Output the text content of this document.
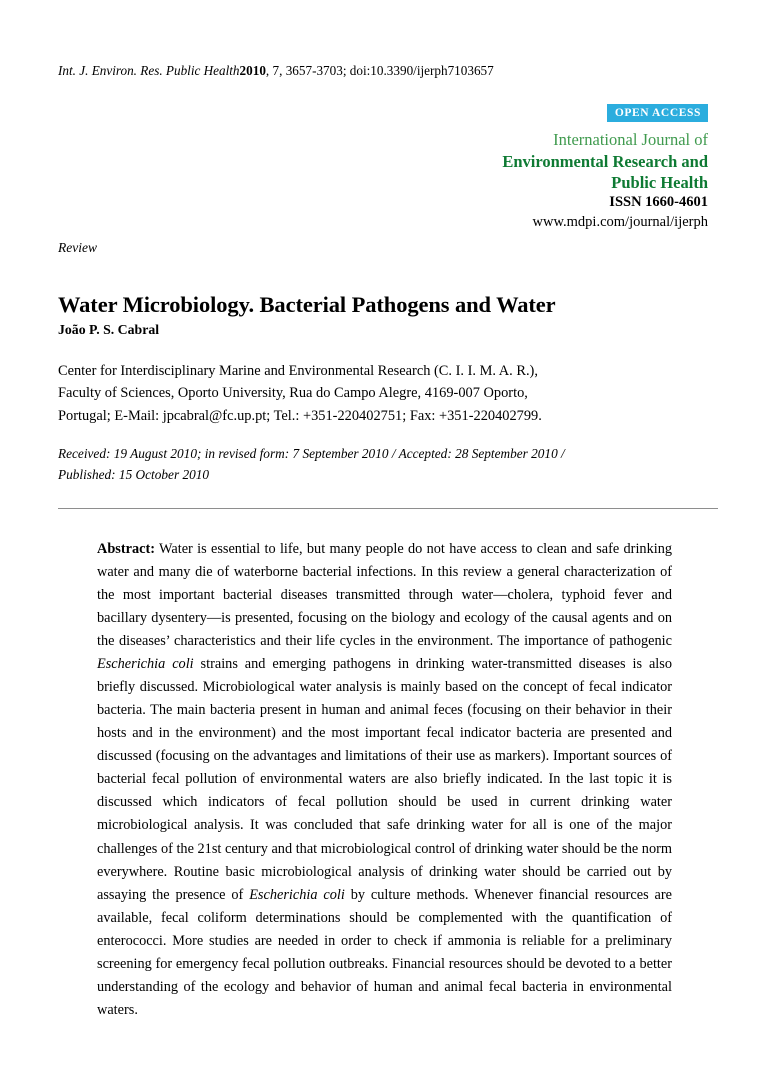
Int. J. Environ. Res. Public Health2010, 7, 3657-3703; doi:10.3390/ijerph7103657
OPEN ACCESS
International Journal of
Environmental Research and
Public Health
ISSN 1660-4601
www.mdpi.com/journal/ijerph
Review
Water Microbiology. Bacterial Pathogens and Water
João P. S. Cabral
Center for Interdisciplinary Marine and Environmental Research (C. I. I. M. A. R.),
Faculty of Sciences, Oporto University, Rua do Campo Alegre, 4169-007 Oporto,
Portugal; E-Mail: jpcabral@fc.up.pt; Tel.: +351-220402751; Fax: +351-220402799.
Received: 19 August 2010; in revised form: 7 September 2010 / Accepted: 28 September 2010 /
Published: 15 October 2010

Abstract: Water is essential to life, but many people do not have access to clean and safe drinking water and many die of waterborne bacterial infections. In this review a general characterization of the most important bacterial diseases transmitted through water—cholera, typhoid fever and bacillary dysentery—is presented, focusing on the biology and ecology of the causal agents and on the diseases’ characteristics and their life cycles in the environment. The importance of pathogenic Escherichia coli strains and emerging pathogens in drinking water-transmitted diseases is also briefly discussed. Microbiological water analysis is mainly based on the concept of fecal indicator bacteria. The main bacteria present in human and animal feces (focusing on their behavior in their hosts and in the environment) and the most important fecal indicator bacteria are presented and discussed (focusing on the advantages and limitations of their use as markers). Important sources of bacterial fecal pollution of environmental waters are also briefly indicated. In the last topic it is discussed which indicators of fecal pollution should be used in current drinking water microbiological analysis. It was concluded that safe drinking water for all is one of the major challenges of the 21st century and that microbiological control of drinking water should be the norm everywhere. Routine basic microbiological analysis of drinking water should be carried out by assaying the presence of Escherichia coli by culture methods. Whenever financial resources are available, fecal coliform determinations should be complemented with the quantification of enterococci. More studies are needed in order to check if ammonia is reliable for a preliminary screening for emergency fecal pollution outbreaks. Financial resources should be devoted to a better understanding of the ecology and behavior of human and animal fecal bacteria in environmental waters.
